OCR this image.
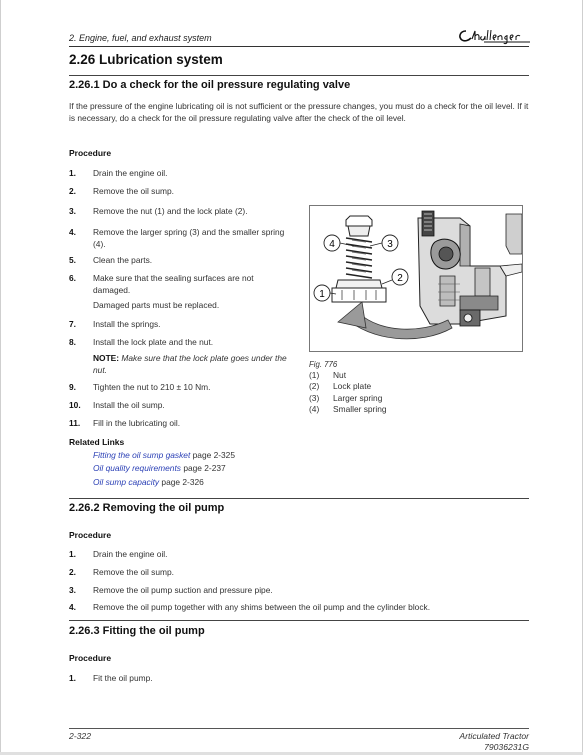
2. Engine, fuel, and exhaust system
2.26 Lubrication system
2.26.1 Do a check for the oil pressure regulating valve
If the pressure of the engine lubricating oil is not sufficient or the pressure changes, you must do a check for the oil level. If it is necessary, do a check for the oil pressure regulating valve after the check of the oil level.
Procedure
1. Drain the engine oil.
2. Remove the oil sump.
3. Remove the nut (1) and the lock plate (2).
4. Remove the larger spring (3) and the smaller spring (4).
5. Clean the parts.
6. Make sure that the sealing surfaces are not damaged.
Damaged parts must be replaced.
7. Install the springs.
8. Install the lock plate and the nut.
NOTE: Make sure that the lock plate goes under the nut.
9. Tighten the nut to 210 ± 10 Nm.
10. Install the oil sump.
11. Fill in the lubricating oil.
Related Links
Fitting the oil sump gasket page 2-325
Oil quality requirements page 2-237
Oil sump capacity page 2-326
4	3
2
1
Fig. 776
(1) Nut
(2) Lock plate
(3) Larger spring
(4) Smaller spring
2.26.2 Removing the oil pump
Procedure
1. Drain the engine oil.
2. Remove the oil sump.
3. Remove the oil pump suction and pressure pipe.
4. Remove the oil pump together with any shims between the oil pump and the cylinder block.
2.26.3 Fitting the oil pump
Procedure
1. Fit the oil pump.
2-322	Articulated Tractor
79036231G
